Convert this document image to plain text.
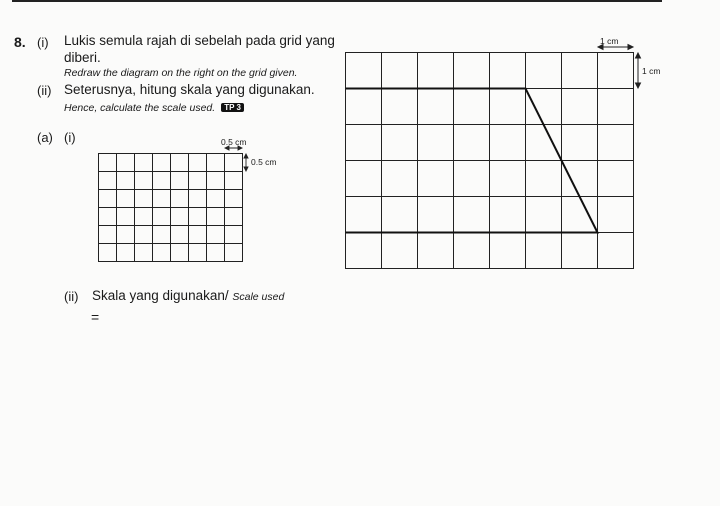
8. (i) Lukis semula rajah di sebelah pada grid yang
diberi.
Redraw the diagram on the right on the grid given.
(ii) Seterusnya, hitung skala yang digunakan.
Hence, calculate the scale used. TP 3
(a) (i)	0.5 cm
0.5 cm
(ii) Skala yang digunakan/ Scale used
=
1 cm
1 cm
